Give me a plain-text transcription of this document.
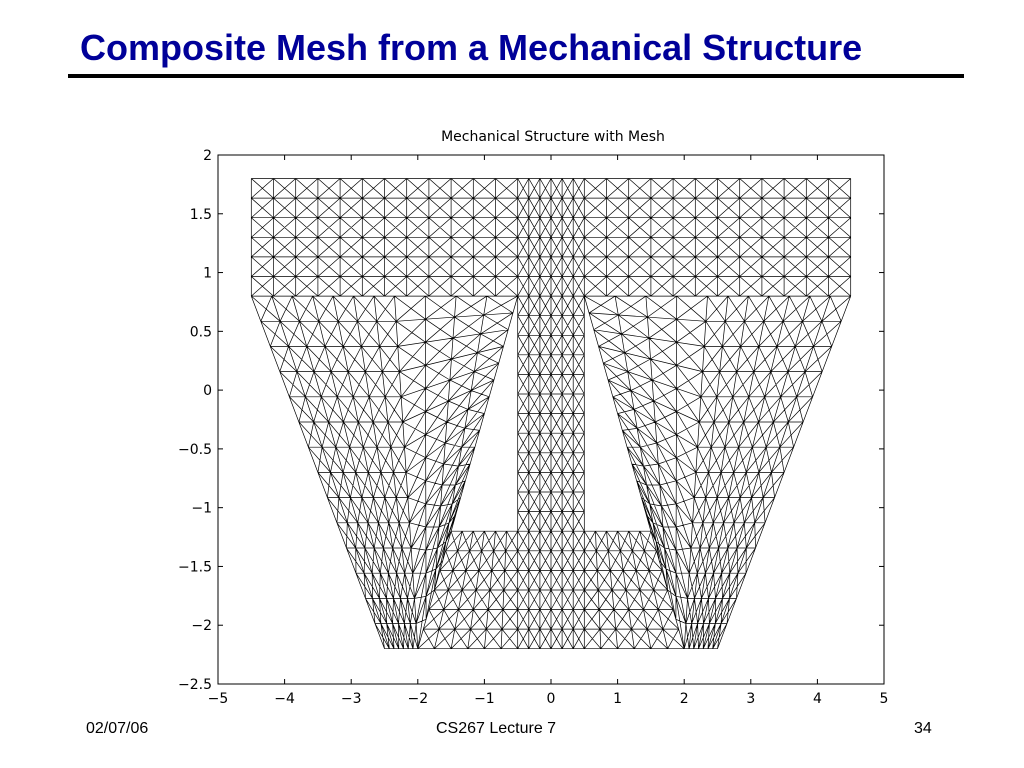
Composite Mesh from a Mechanical Structure
Mechanical Structure with Mesh
−5	−4	−3	−2	−1	0	1	2	3	4	5
2
1.5
1
0.5
0
−0.5
−1
−1.5
−2
−2.5
02/07/06	CS267 Lecture 7	34
